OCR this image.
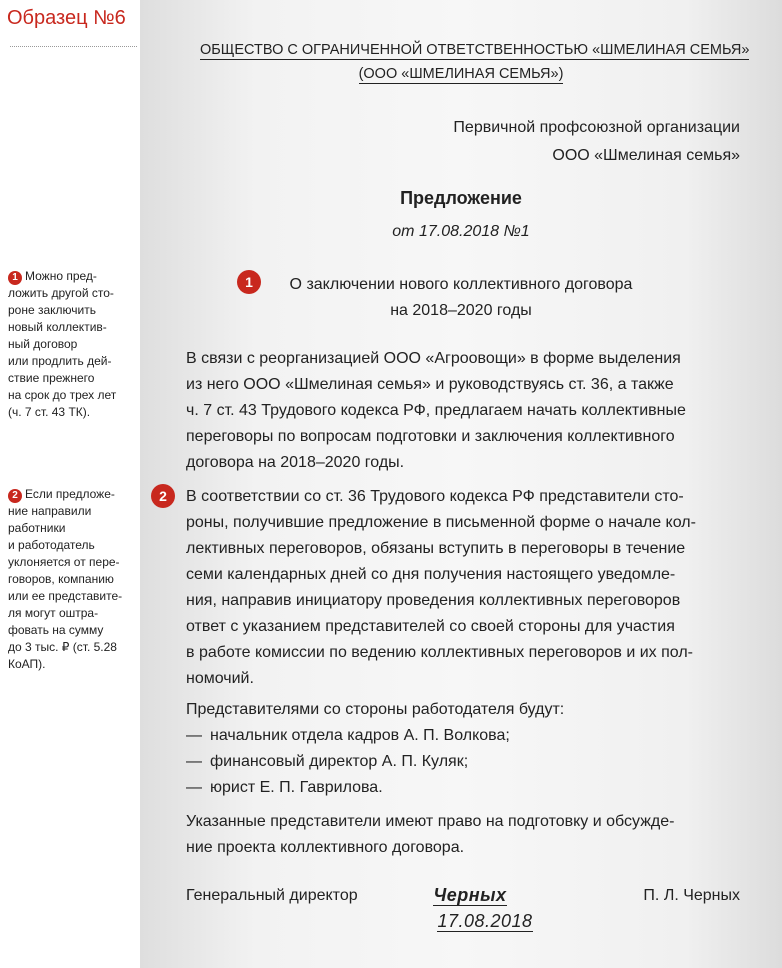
Образец №6
1 Можно пред-
ложить другой сто-
роне заключить
новый коллектив-
ный договор
или продлить дей-
ствие прежнего
на срок до трех лет
(ч. 7 ст. 43 ТК).
2 Если предложе-
ние направили
работники
и работодатель
уклоняется от пере-
говоров, компанию
или ее представите-
ля могут оштра-
фовать на сумму
до 3 тыс. ₽ (ст. 5.28
КоАП).
ОБЩЕСТВО С ОГРАНИЧЕННОЙ ОТВЕТСТВЕННОСТЬЮ «ШМЕЛИНАЯ СЕМЬЯ»
(ООО «ШМЕЛИНАЯ СЕМЬЯ»)
Первичной профсоюзной организации
ООО «Шмелиная семья»
Предложение
от 17.08.2018 №1
1	О заключении нового коллективного договора
на 2018–2020 годы
В связи с реорганизацией ООО «Агроовощи» в форме выделения
из него ООО «Шмелиная семья» и руководствуясь ст. 36, а также
ч. 7 ст. 43 Трудового кодекса РФ, предлагаем начать коллективные
переговоры по вопросам подготовки и заключения коллективного
договора на 2018–2020 годы.
2	В соответствии со ст. 36 Трудового кодекса РФ представители сто-
роны, получившие предложение в письменной форме о начале кол-
лективных переговоров, обязаны вступить в переговоры в течение
семи календарных дней со дня получения настоящего уведомле-
ния, направив инициатору проведения коллективных переговоров
ответ с указанием представителей со своей стороны для участия
в работе комиссии по ведению коллективных переговоров и их пол-
номочий.
Представителями со стороны работодателя будут:
— начальник отдела кадров А. П. Волкова;
— финансовый директор А. П. Куляк;
— юрист Е. П. Гаврилова.
Указанные представители имеют право на подготовку и обсужде-
ние проекта коллективного договора.
Генеральный директор	Черных
17.08.2018
П. Л. Черных
